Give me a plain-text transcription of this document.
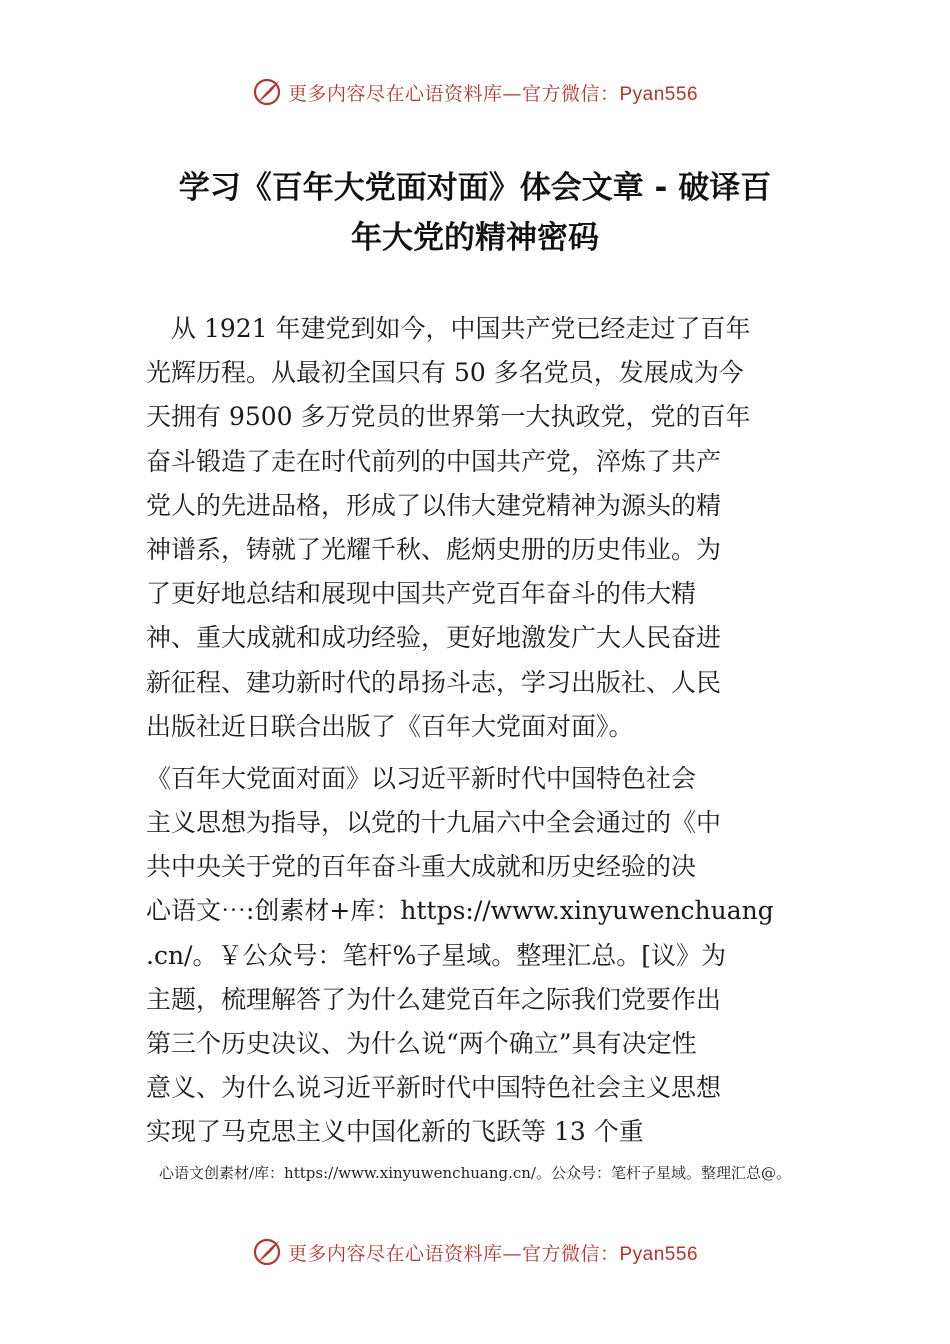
更多内容尽在心语资料库—官方微信：Pyan556
学习《百年大党面对面》体会文章 - 破译百
年大党的精神密码
　从 1921 年建党到如今，中国共产党已经走过了百年
光辉历程。从最初全国只有 50 多名党员，发展成为今
天拥有 9500 多万党员的世界第一大执政党，党的百年
奋斗锻造了走在时代前列的中国共产党，淬炼了共产
党人的先进品格，形成了以伟大建党精神为源头的精
神谱系，铸就了光耀千秋、彪炳史册的历史伟业。为
了更好地总结和展现中国共产党百年奋斗的伟大精
神、重大成就和成功经验，更好地激发广大人民奋进
新征程、建功新时代的昂扬斗志，学习出版社、人民
出版社近日联合出版了《百年大党面对面》。
《百年大党面对面》以习近平新时代中国特色社会
主义思想为指导，以党的十九届六中全会通过的《中
共中央关于党的百年奋斗重大成就和历史经验的决
心语文⋯:创素材+库：https://www.xinyuwenchuang
.cn/。￥公众号：笔杆%子星域。整理汇总。[议》为
主题，梳理解答了为什么建党百年之际我们党要作出
第三个历史决议、为什么说“两个确立”具有决定性
意义、为什么说习近平新时代中国特色社会主义思想
实现了马克思主义中国化新的飞跃等 13 个重
心语文创素材/库：https://www.xinyuwenchuang.cn/。公众号：笔杆子星域。整理汇总@。
更多内容尽在心语资料库—官方微信：Pyan556
